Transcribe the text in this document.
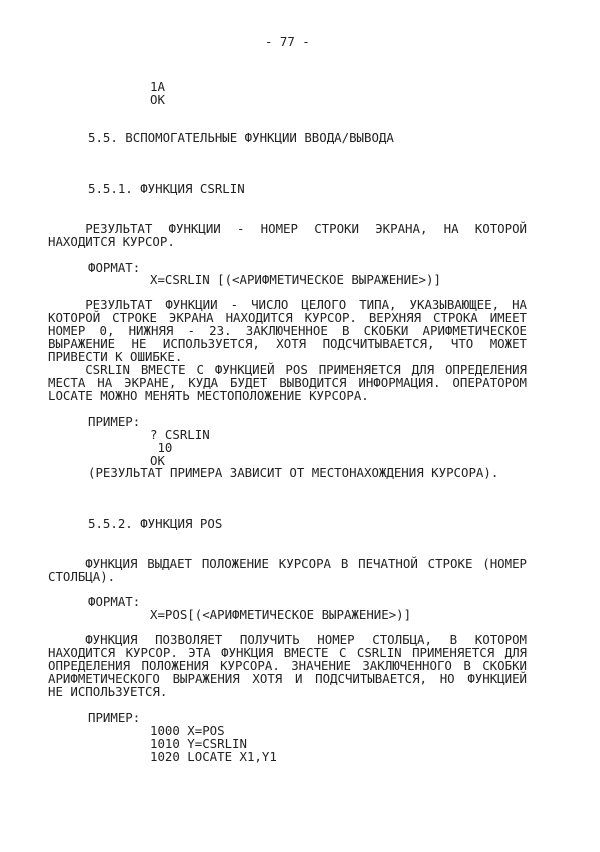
- 77 -
1А
OK
5.5. ВСПОМОГАТЕЛЬНЫЕ ФУНКЦИИ ВВОДА/ВЫВОДА
5.5.1. ФУНКЦИЯ CSRLIN
РЕЗУЛЬТАТ ФУНКЦИИ - НОМЕР СТРОКИ ЭКРАНА, НА КОТОРОЙ
НАХОДИТСЯ КУРСОР.
ФОРМАТ:
X=CSRLIN [(<АРИФМЕТИЧЕСКОЕ ВЫРАЖЕНИЕ>)]
РЕЗУЛЬТАТ ФУНКЦИИ - ЧИСЛО ЦЕЛОГО ТИПА, УКАЗЫВАЮЩЕЕ, НА
КОТОРОЙ СТРОКЕ ЭКРАНА НАХОДИТСЯ КУРСОР. ВЕРХНЯЯ СТРОКА ИМЕЕТ
НОМЕР 0, НИЖНЯЯ - 23. ЗАКЛЮЧЕННОЕ В СКОБКИ АРИФМЕТИЧЕСКОЕ
ВЫРАЖЕНИЕ НЕ ИСПОЛЬЗУЕТСЯ, ХОТЯ ПОДСЧИТЫВАЕТСЯ, ЧТО МОЖЕТ
ПРИВЕСТИ К ОШИБКЕ.
CSRLIN ВМЕСТЕ С ФУНКЦИЕЙ POS ПРИМЕНЯЕТСЯ ДЛЯ ОПРЕДЕЛЕНИЯ
МЕСТА НА ЭКРАНЕ, КУДА БУДЕТ ВЫВОДИТСЯ ИНФОРМАЦИЯ. ОПЕРАТОРОМ
LOCATE МОЖНО МЕНЯТЬ МЕСТОПОЛОЖЕНИЕ КУРСОРА.
ПРИМЕР:
? CSRLIN
10
OK
(РЕЗУЛЬТАТ ПРИМЕРА ЗАВИСИТ ОТ МЕСТОНАХОЖДЕНИЯ КУРСОРА).
5.5.2. ФУНКЦИЯ POS
ФУНКЦИЯ ВЫДАЕТ ПОЛОЖЕНИЕ КУРСОРА В ПЕЧАТНОЙ СТРОКЕ (НОМЕР
СТОЛБЦА).
ФОРМАТ:
X=POS[(<АРИФМЕТИЧЕСКОЕ ВЫРАЖЕНИЕ>)]
ФУНКЦИЯ ПОЗВОЛЯЕТ ПОЛУЧИТЬ НОМЕР СТОЛБЦА, В КОТОРОМ
НАХОДИТСЯ КУРСОР. ЭТА ФУНКЦИЯ ВМЕСТЕ С CSRLIN ПРИМЕНЯЕТСЯ ДЛЯ
ОПРЕДЕЛЕНИЯ ПОЛОЖЕНИЯ КУРСОРА. ЗНАЧЕНИЕ ЗАКЛЮЧЕННОГО В СКОБКИ
АРИФМЕТИЧЕСКОГО ВЫРАЖЕНИЯ ХОТЯ И ПОДСЧИТЫВАЕТСЯ, НО ФУНКЦИЕЙ
НЕ ИСПОЛЬЗУЕТСЯ.
ПРИМЕР:
1000 X=POS
1010 Y=CSRLIN
1020 LOCATE X1,Y1
